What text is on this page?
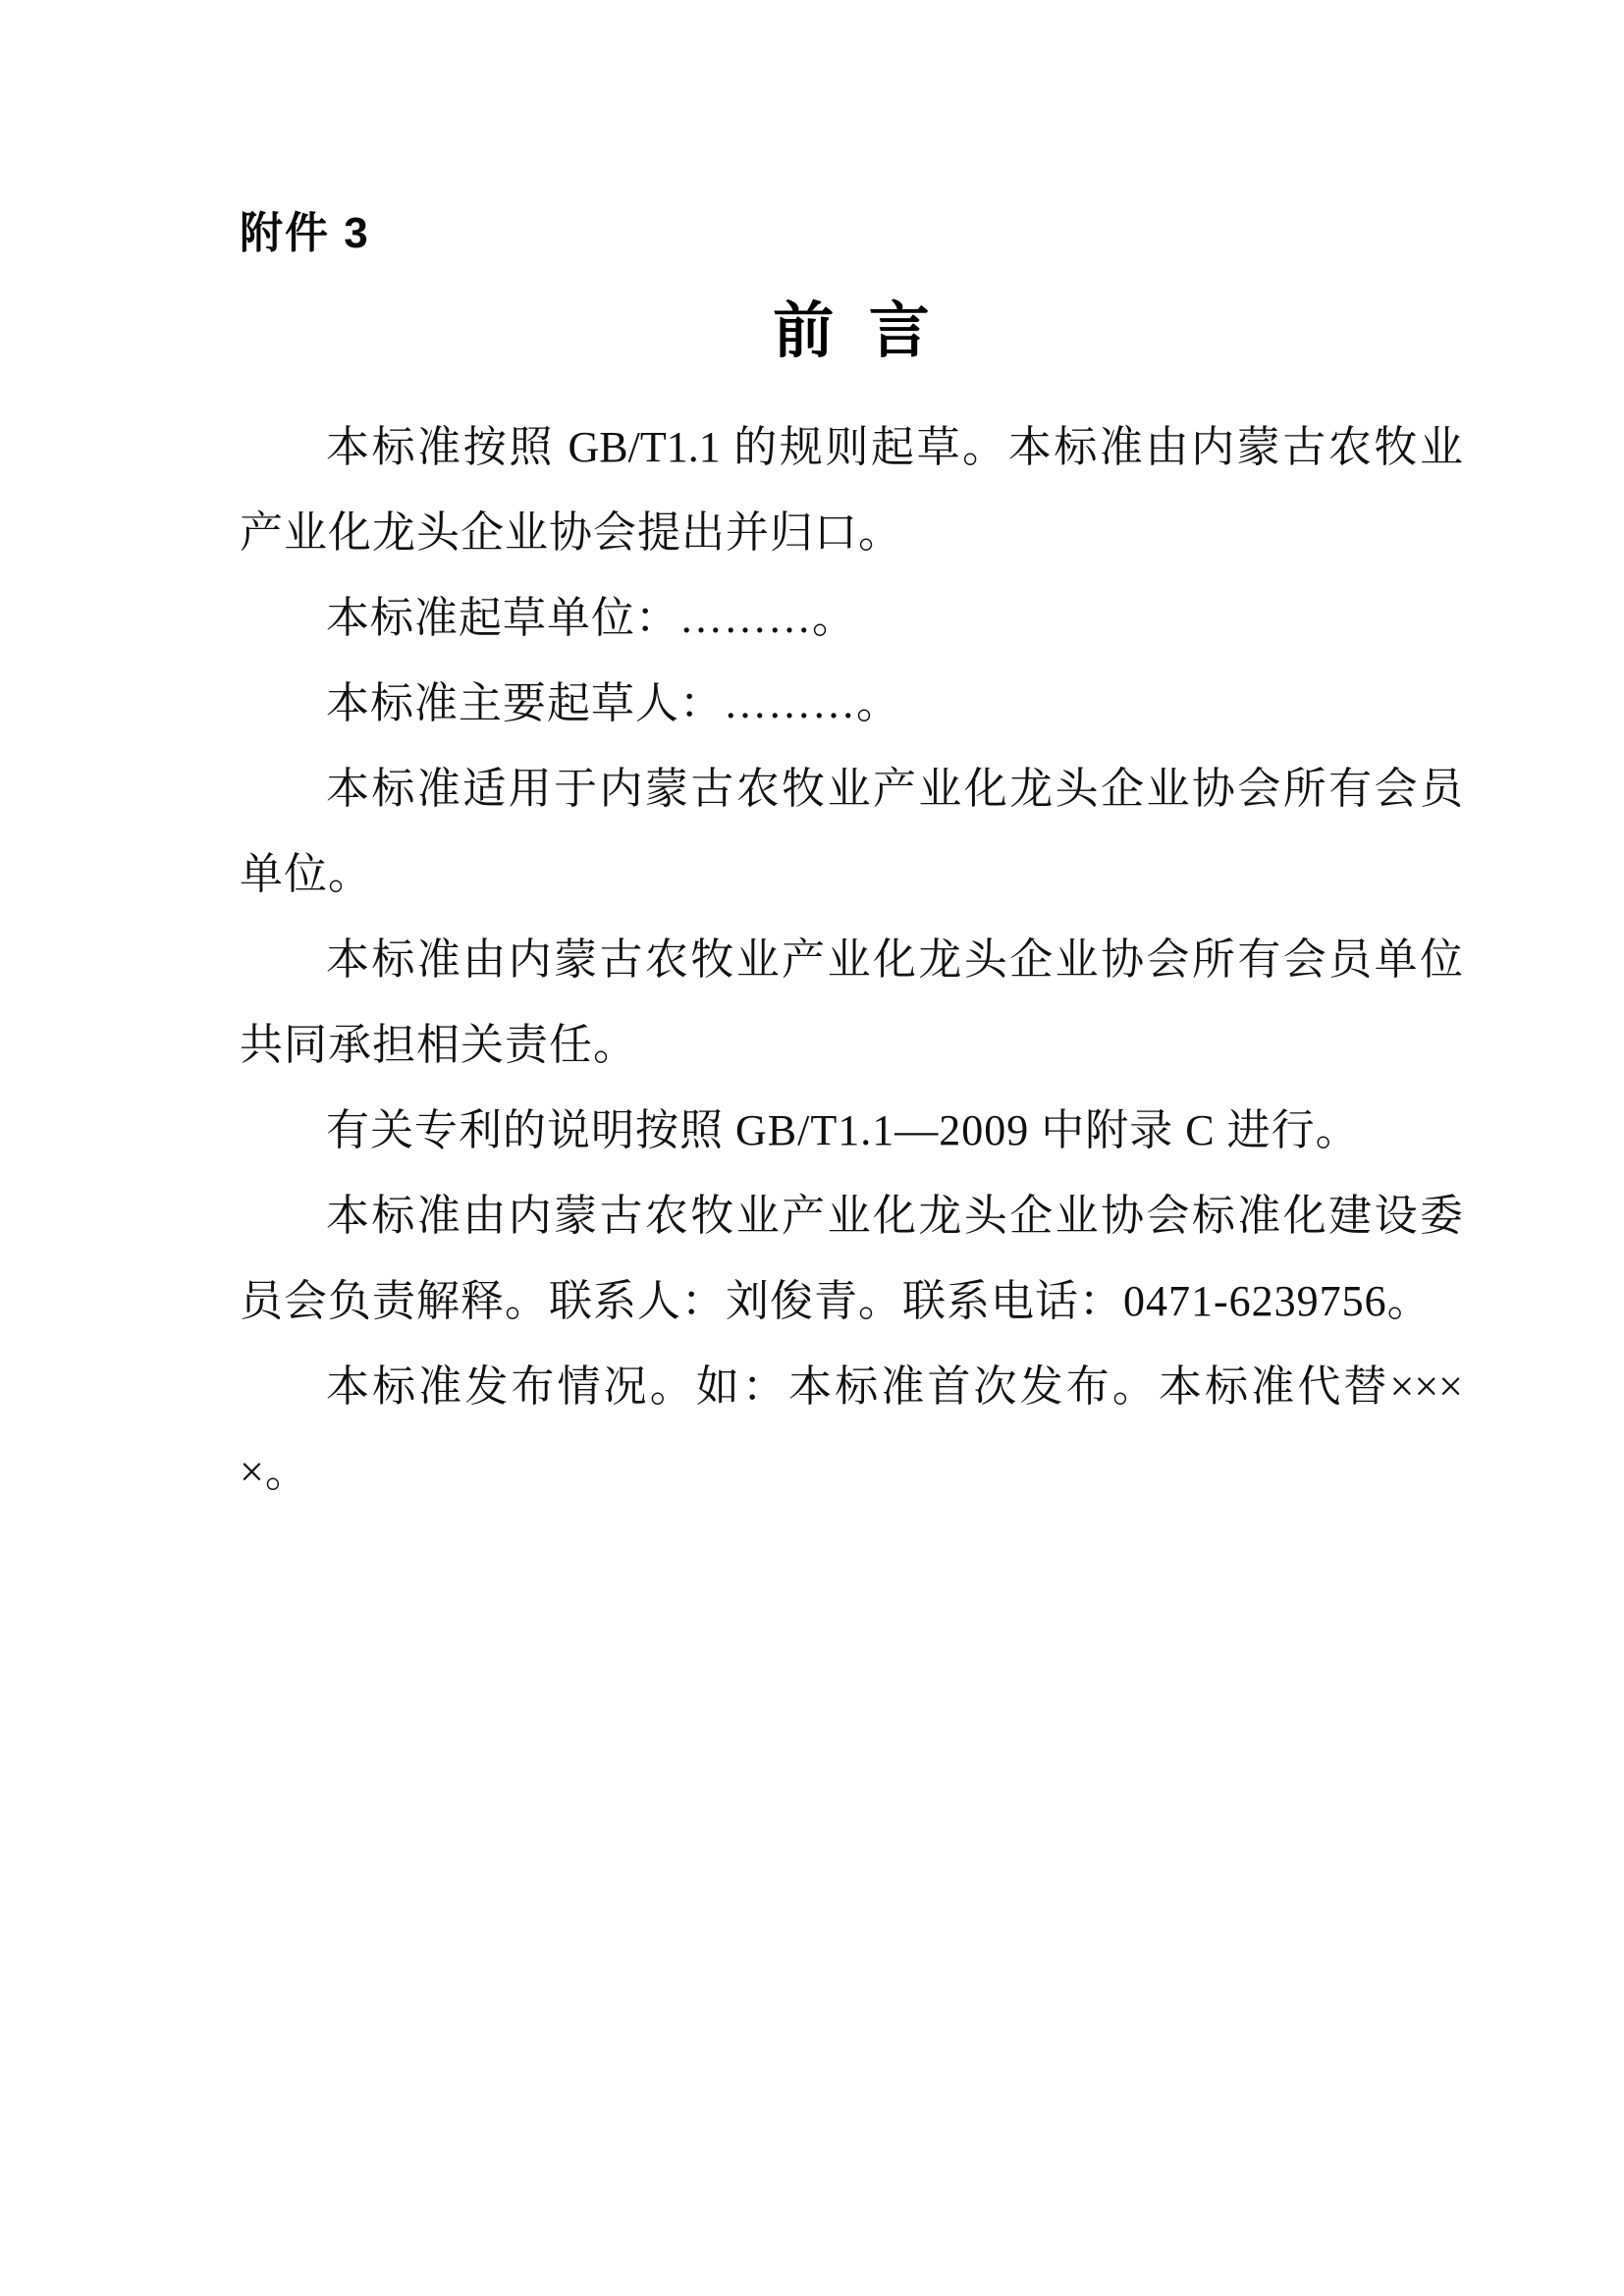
附件 3
前 言
本标准按照 GB/T1.1 的规则起草。本标准由内蒙古农牧业
产业化龙头企业协会提出并归口。
本标准起草单位：………。
本标准主要起草人：………。
本标准适用于内蒙古农牧业产业化龙头企业协会所有会员
单位。
本标准由内蒙古农牧业产业化龙头企业协会所有会员单位
共同承担相关责任。
有关专利的说明按照 GB/T1.1—2009 中附录 C 进行。
本标准由内蒙古农牧业产业化龙头企业协会标准化建设委
员会负责解释。联系人：刘俊青。联系电话：0471-6239756。
本标准发布情况。如：本标准首次发布。本标准代替×××
×。
